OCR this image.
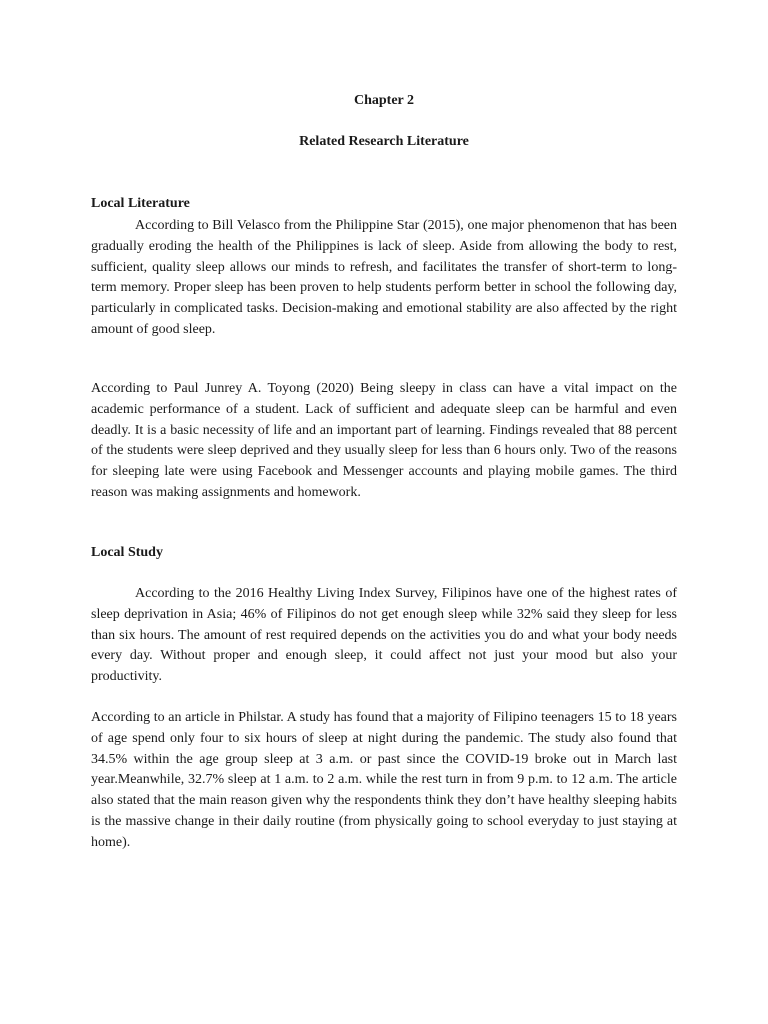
Chapter 2
Related Research Literature
Local Literature

According to Bill Velasco from the Philippine Star (2015), one major phenomenon that has been gradually eroding the health of the Philippines is lack of sleep. Aside from allowing the body to rest, sufficient, quality sleep allows our minds to refresh, and facilitates the transfer of short-term to long-term memory. Proper sleep has been proven to help students perform better in school the following day, particularly in complicated tasks. Decision-making and emotional stability are also affected by the right amount of good sleep.

According to Paul Junrey A. Toyong (2020) Being sleepy in class can have a vital impact on the academic performance of a student. Lack of sufficient and adequate sleep can be harmful and even deadly. It is a basic necessity of life and an important part of learning. Findings revealed that 88 percent of the students were sleep deprived and they usually sleep for less than 6 hours only. Two of the reasons for sleeping late were using Facebook and Messenger accounts and playing mobile games. The third reason was making assignments and homework.

Local Study

According to the 2016 Healthy Living Index Survey, Filipinos have one of the highest rates of sleep deprivation in Asia; 46% of Filipinos do not get enough sleep while 32% said they sleep for less than six hours. The amount of rest required depends on the activities you do and what your body needs every day. Without proper and enough sleep, it could affect not just your mood but also your productivity.

According to an article in Philstar. A study has found that a majority of Filipino teenagers 15 to 18 years of age spend only four to six hours of sleep at night during the pandemic. The study also found that 34.5% within the age group sleep at 3 a.m. or past since the COVID-19 broke out in March last year.Meanwhile, 32.7% sleep at 1 a.m. to 2 a.m. while the rest turn in from 9 p.m. to 12 a.m. The article also stated that the main reason given why the respondents think they don’t have healthy sleeping habits is the massive change in their daily routine (from physically going to school everyday to just staying at home).
